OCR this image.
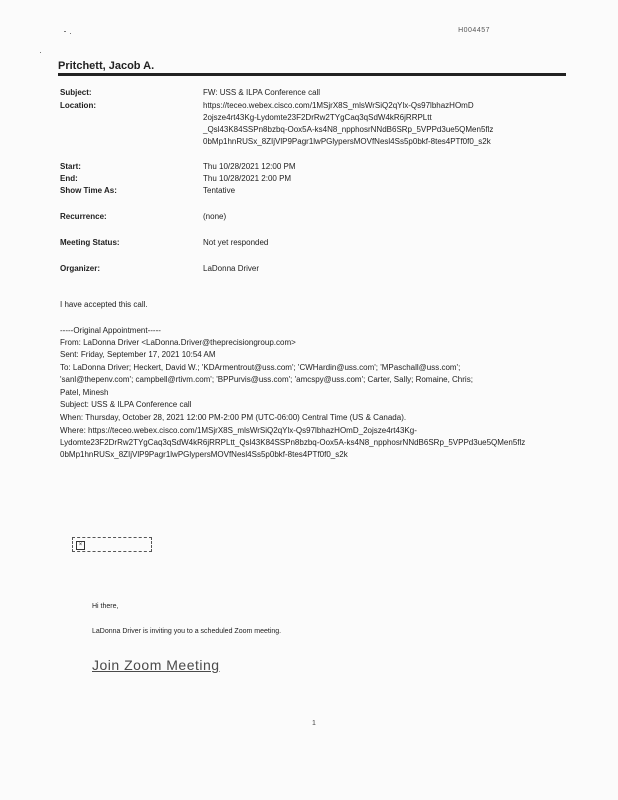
H004457
Pritchett, Jacob A.
Subject:	FW: USS & ILPA Conference call
Location:	https://teceo.webex.cisco.com/1MSjrX8S_mlsWrSiQ2qYlx-Qs97lbhazHOmD
2ojsze4rt43Kg-Lydomte23F2DrRw2TYgCaq3qSdW4kR6jRRPLtt
_Qsl43K84SSPn8bzbq-Oox5A-ks4N8_npphosrNNdB6SRp_5VPPd3ue5QMen5flz
0bMp1hnRUSx_8ZIjVlP9Pagr1lwPGlypersMOVfNesl4Ss5p0bkf-8tes4PTf0f0_s2k
Start:	Thu 10/28/2021 12:00 PM
End:	Thu 10/28/2021 2:00 PM
Show Time As:	Tentative
Recurrence:	(none)
Meeting Status:	Not yet responded
Organizer:	LaDonna Driver
I have accepted this call.
-----Original Appointment-----
From: LaDonna Driver <LaDonna.Driver@theprecisiongroup.com>
Sent: Friday, September 17, 2021 10:54 AM
To: LaDonna Driver; Heckert, David W.; 'KDArmentrout@uss.com'; 'CWHardin@uss.com'; 'MPaschall@uss.com';
'sanl@thepenv.com'; campbell@rtivm.com'; 'BPPurvis@uss.com'; 'amcspy@uss.com'; Carter, Sally; Romaine, Chris;
Patel, Minesh
Subject: USS & ILPA Conference call
When: Thursday, October 28, 2021 12:00 PM-2:00 PM (UTC-06:00) Central Time (US & Canada).
Where: https://teceo.webex.cisco.com/1MSjrX8S_mlsWrSiQ2qYlx-Qs97lbhazHOmD_2ojsze4rt43Kg-
Lydomte23F2DrRw2TYgCaq3qSdW4kR6jRRPLtt_Qsl43K84SSPn8bzbq-Oox5A-ks4N8_npphosrNNdB6SRp_5VPPd3ue5QMen5flz
0bMp1hnRUSx_8ZIjVlP9Pagr1lwPGlypersMOVfNesl4Ss5p0bkf-8tes4PTf0f0_s2k
×
Hi there,
LaDonna Driver is inviting you to a scheduled Zoom meeting.
Join Zoom Meeting
1
